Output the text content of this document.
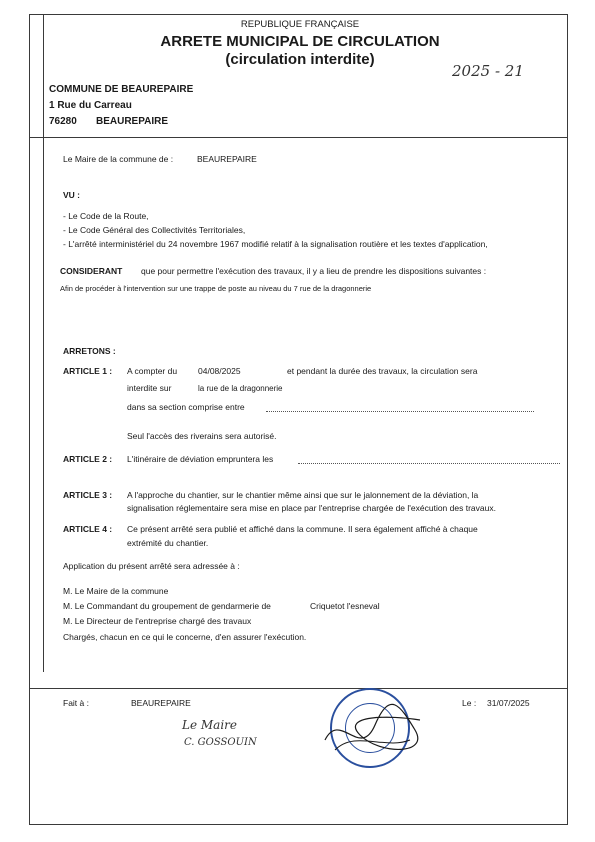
REPUBLIQUE FRANÇAISE
ARRETE MUNICIPAL DE CIRCULATION
(circulation interdite)
2025 - 21
COMMUNE DE BEAUREPAIRE
1 Rue du Carreau
76280 BEAUREPAIRE
Le Maire de la commune de :	BEAUREPAIRE
VU :
- Le Code de la Route,
- Le Code Général des Collectivités Territoriales,
- L'arrêté interministériel du 24 novembre 1967 modifié relatif à la signalisation routière et les textes d'application,
CONSIDERANT que pour permettre l'exécution des travaux, il y a lieu de prendre les dispositions suivantes :
Afin de procéder à l'intervention sur une trappe de poste au niveau du 7 rue de la dragonnerie
ARRETONS :
ARTICLE 1 : A compter du 04/08/2025	et pendant la durée des travaux, la circulation sera
interdite sur	la rue de la dragonnerie
dans sa section comprise entre
Seul l'accès des riverains sera autorisé.
ARTICLE 2 : L'itinéraire de déviation empruntera les
ARTICLE 3 : A l'approche du chantier, sur le chantier même ainsi que sur le jalonnement de la déviation, la
signalisation réglementaire sera mise en place par l'entreprise chargée de l'exécution des travaux.
ARTICLE 4 : Ce présent arrêté sera publié et affiché dans la commune. Il sera également affiché à chaque
extrémité du chantier.
Application du présent arrêté sera adressée à :
M. Le Maire de la commune
M. Le Commandant du groupement de gendarmerie de	Criquetot l'esneval
M. Le Directeur de l'entreprise chargé des travaux
Chargés, chacun en ce qui le concerne, d'en assurer l'exécution.
Fait à :	BEAUREPAIRE	Le : 31/07/2025
Le Maire
C. GOSSOUIN
